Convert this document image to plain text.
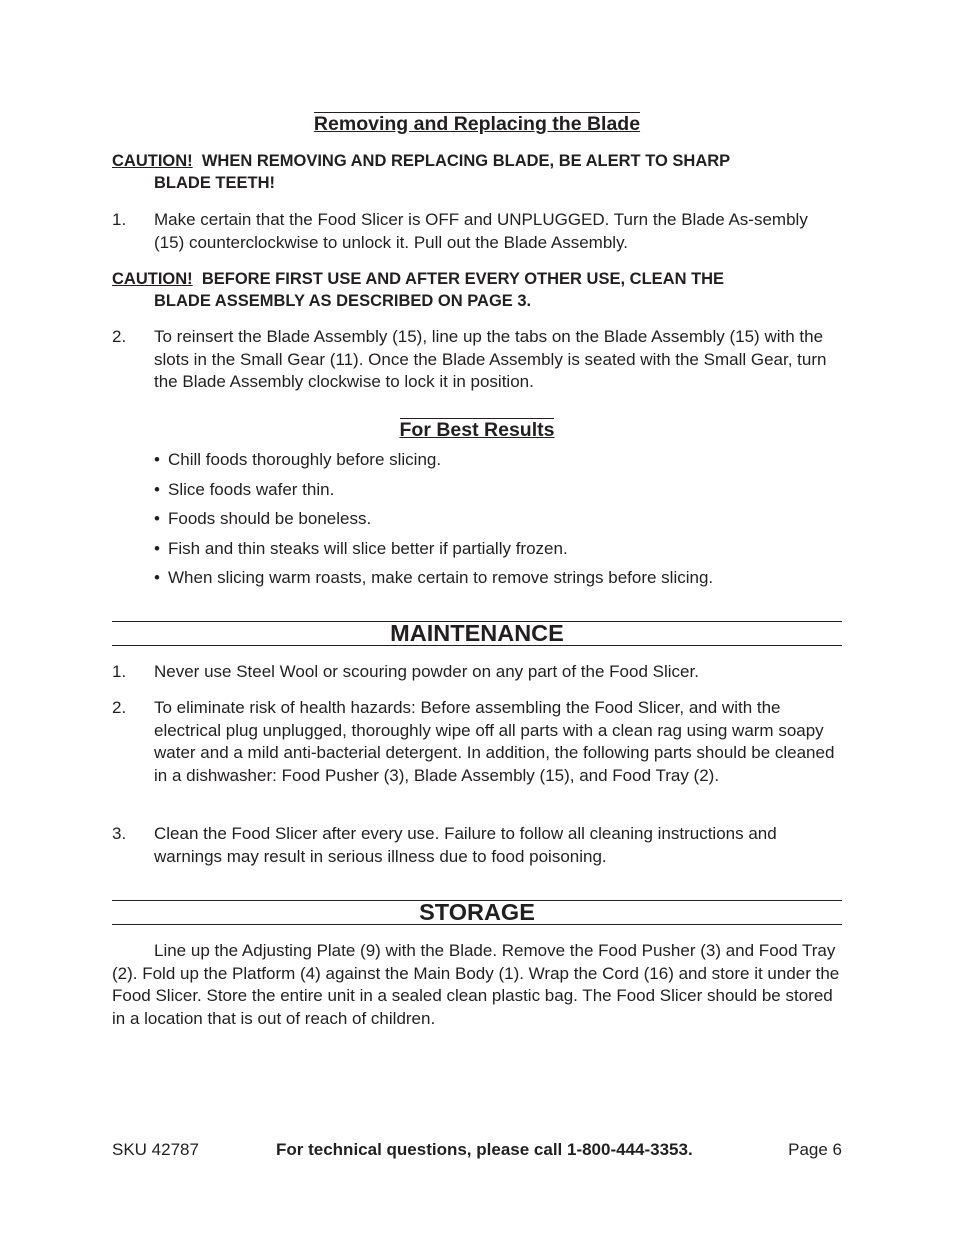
Removing and Replacing the Blade
CAUTION! WHEN REMOVING AND REPLACING BLADE, BE ALERT TO SHARP
BLADE TEETH!
1. Make certain that the Food Slicer is OFF and UNPLUGGED. Turn the Blade As-sembly (15) counterclockwise to unlock it. Pull out the Blade Assembly.
CAUTION! BEFORE FIRST USE AND AFTER EVERY OTHER USE, CLEAN THE
BLADE ASSEMBLY AS DESCRIBED ON PAGE 3.
2. To reinsert the Blade Assembly (15), line up the tabs on the Blade Assembly (15) with the slots in the Small Gear (11). Once the Blade Assembly is seated with the Small Gear, turn the Blade Assembly clockwise to lock it in position.
For Best Results
• Chill foods thoroughly before slicing.
• Slice foods wafer thin.
• Foods should be boneless.
• Fish and thin steaks will slice better if partially frozen.
• When slicing warm roasts, make certain to remove strings before slicing.
MAINTENANCE
1. Never use Steel Wool or scouring powder on any part of the Food Slicer.
2. To eliminate risk of health hazards: Before assembling the Food Slicer, and with the electrical plug unplugged, thoroughly wipe off all parts with a clean rag using warm soapy water and a mild anti-bacterial detergent. In addition, the following parts should be cleaned in a dishwasher: Food Pusher (3), Blade Assembly (15), and Food Tray (2).
3. Clean the Food Slicer after every use. Failure to follow all cleaning instructions and warnings may result in serious illness due to food poisoning.
STORAGE
Line up the Adjusting Plate (9) with the Blade. Remove the Food Pusher (3) and Food Tray (2). Fold up the Platform (4) against the Main Body (1). Wrap the Cord (16) and store it under the Food Slicer. Store the entire unit in a sealed clean plastic bag. The Food Slicer should be stored in a location that is out of reach of children.
SKU 42787	For technical questions, please call 1-800-444-3353.	Page 6
